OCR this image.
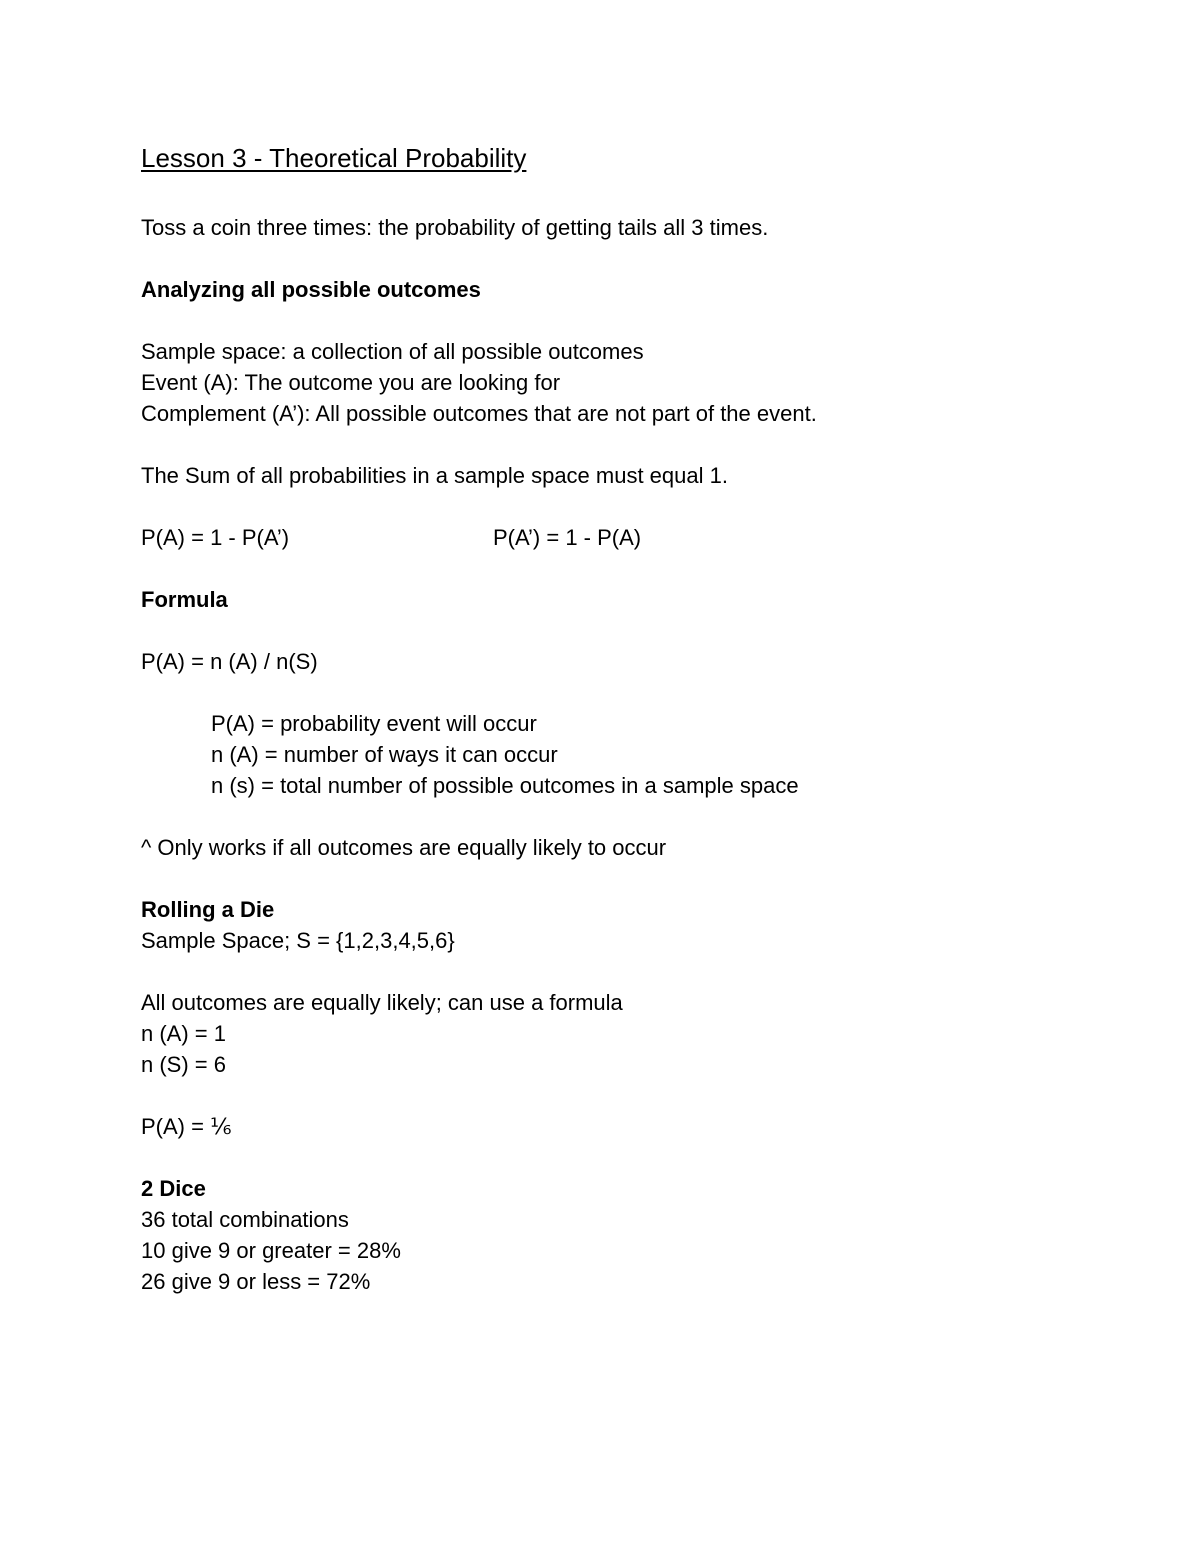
Lesson 3 - Theoretical Probability
Toss a coin three times: the probability of getting tails all 3 times.
Analyzing all possible outcomes
Sample space: a collection of all possible outcomes
Event (A): The outcome you are looking for
Complement (A’): All possible outcomes that are not part of the event.
The Sum of all probabilities in a sample space must equal 1.
P(A) = 1 - P(A’)	P(A’) = 1 - P(A)
Formula
P(A) = n (A) / n(S)
P(A) = probability event will occur
n (A) = number of ways it can occur
n (s) = total number of possible outcomes in a sample space
^ Only works if all outcomes are equally likely to occur
Rolling a Die
Sample Space; S = {1,2,3,4,5,6}
All outcomes are equally likely; can use a formula
n (A) = 1
n (S) = 6
P(A) = ⅙
2 Dice
36 total combinations
10 give 9 or greater = 28%
26 give 9 or less = 72%
